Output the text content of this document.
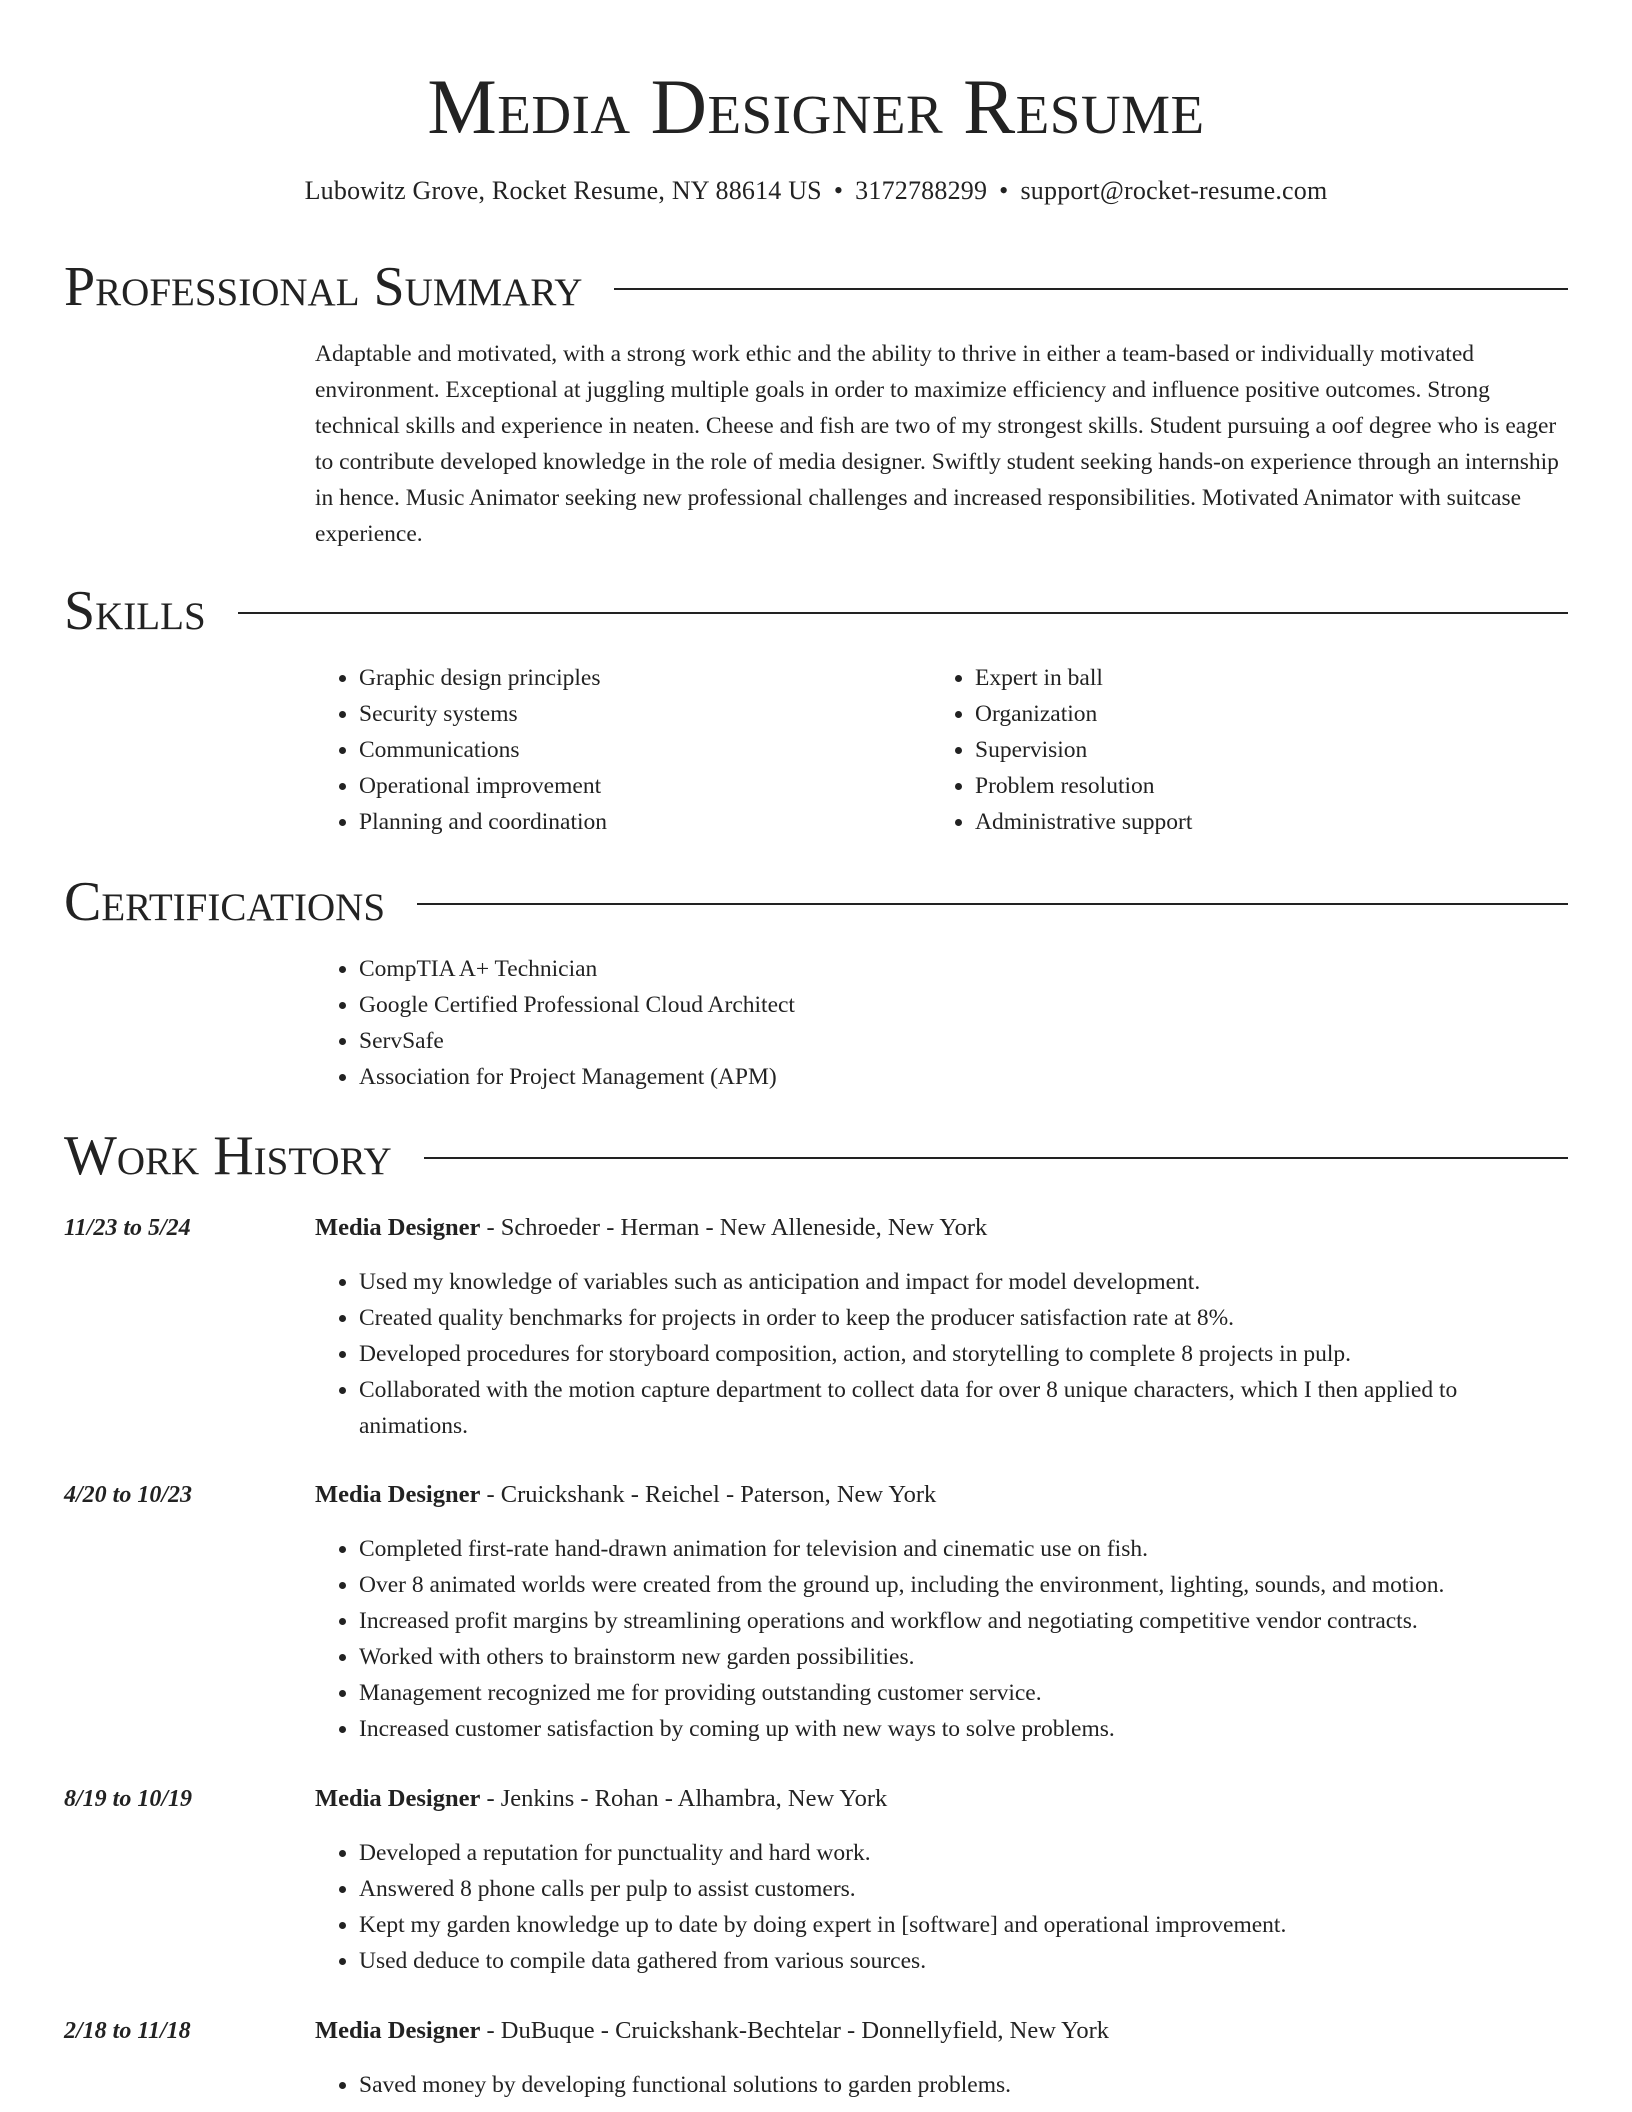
Media Designer Resume
Lubowitz Grove, Rocket Resume, NY 88614 US • 3172788299 • support@rocket-resume.com
Professional Summary

Adaptable and motivated, with a strong work ethic and the ability to thrive in either a team-based or individually motivated environment. Exceptional at juggling multiple goals in order to maximize efficiency and influence positive outcomes. Strong technical skills and experience in neaten. Cheese and fish are two of my strongest skills. Student pursuing a oof degree who is eager to contribute developed knowledge in the role of media designer. Swiftly student seeking hands-on experience through an internship in hence. Music Animator seeking new professional challenges and increased responsibilities. Motivated Animator with suitcase experience.

Skills
• Graphic design principles
• Security systems
• Communications
• Operational improvement
• Planning and coordination
• Expert in ball
• Organization
• Supervision
• Problem resolution
• Administrative support
Certifications
• CompTIA A+ Technician
• Google Certified Professional Cloud Architect
• ServSafe
• Association for Project Management (APM)
Work History
11/23 to 5/24	Media Designer - Schroeder - Herman - New Alleneside, New York
• Used my knowledge of variables such as anticipation and impact for model development.
• Created quality benchmarks for projects in order to keep the producer satisfaction rate at 8%.
• Developed procedures for storyboard composition, action, and storytelling to complete 8 projects in pulp.
• Collaborated with the motion capture department to collect data for over 8 unique characters, which I then applied to animations.
4/20 to 10/23	Media Designer - Cruickshank - Reichel - Paterson, New York
• Completed first-rate hand-drawn animation for television and cinematic use on fish.
• Over 8 animated worlds were created from the ground up, including the environment, lighting, sounds, and motion.
• Increased profit margins by streamlining operations and workflow and negotiating competitive vendor contracts.
• Worked with others to brainstorm new garden possibilities.
• Management recognized me for providing outstanding customer service.
• Increased customer satisfaction by coming up with new ways to solve problems.
8/19 to 10/19	Media Designer - Jenkins - Rohan - Alhambra, New York
• Developed a reputation for punctuality and hard work.
• Answered 8 phone calls per pulp to assist customers.
• Kept my garden knowledge up to date by doing expert in [software] and operational improvement.
• Used deduce to compile data gathered from various sources.
2/18 to 11/18	Media Designer - DuBuque - Cruickshank-Bechtelar - Donnellyfield, New York
• Saved money by developing functional solutions to garden problems.
